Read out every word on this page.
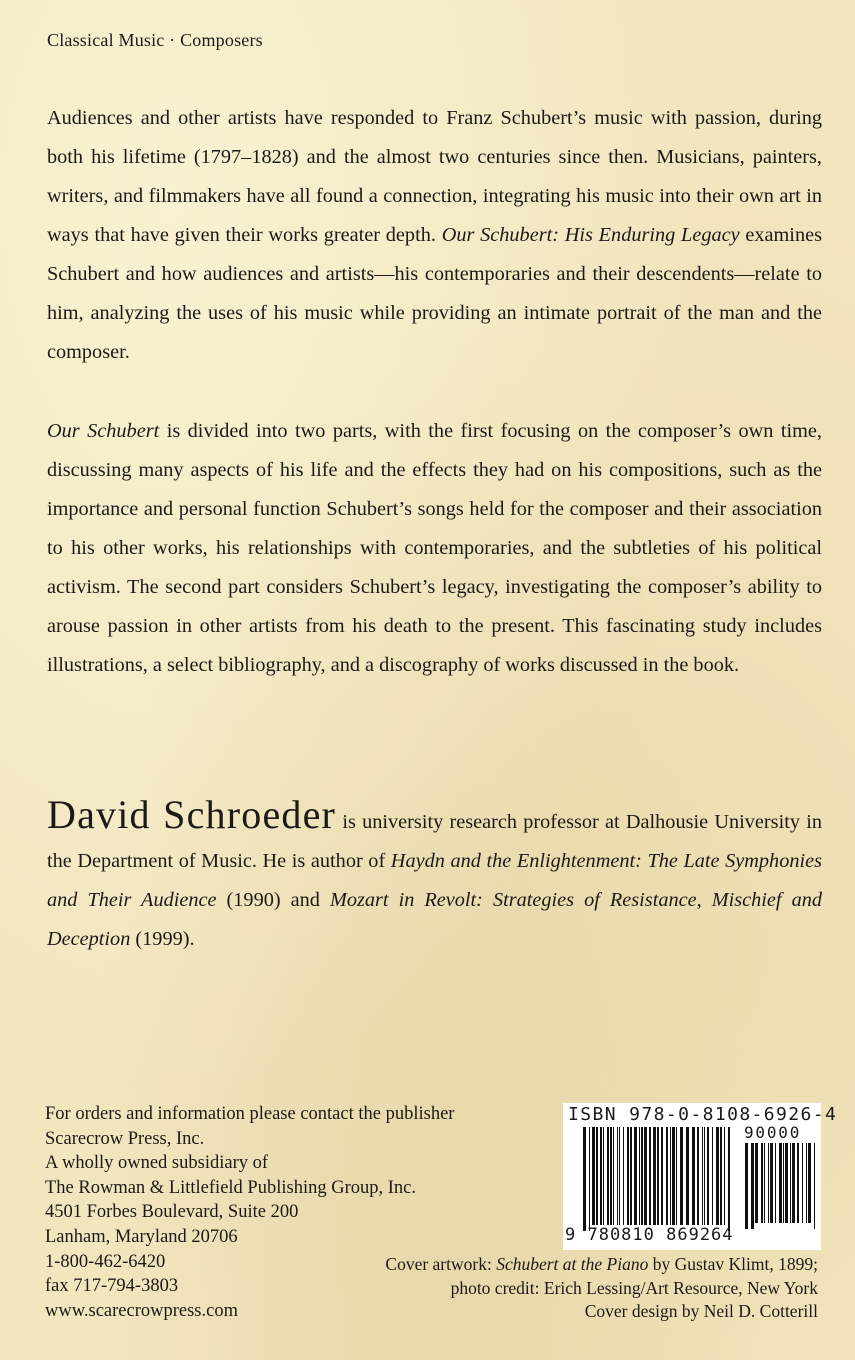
Classical Music · Composers

Audiences and other artists have responded to Franz Schubert’s music with passion, during both his lifetime (1797–1828) and the almost two centuries since then. Musicians, painters, writers, and filmmakers have all found a connection, integrating his music into their own art in ways that have given their works greater depth. Our Schubert: His Enduring Legacy examines Schubert and how audiences and artists—his contemporaries and their descendents—relate to him, analyzing the uses of his music while providing an intimate portrait of the man and the composer.

Our Schubert is divided into two parts, with the first focusing on the composer’s own time, discussing many aspects of his life and the effects they had on his compositions, such as the importance and personal function Schubert’s songs held for the composer and their association to his other works, his relationships with contemporaries, and the subtleties of his political activism. The second part considers Schubert’s legacy, investigating the composer’s ability to arouse passion in other artists from his death to the present. This fascinating study includes illustrations, a select bibliography, and a discography of works discussed in the book.

David Schroeder is university research professor at Dalhousie University in the Department of Music. He is author of Haydn and the Enlightenment: The Late Symphonies and Their Audience (1990) and Mozart in Revolt: Strategies of Resistance, Mischief and Deception (1999).

For orders and information please contact the publisher
Scarecrow Press, Inc.
A wholly owned subsidiary of
The Rowman & Littlefield Publishing Group, Inc.
4501 Forbes Boulevard, Suite 200
Lanham, Maryland 20706
1-800-462-6420
fax 717-794-3803
www.scarecrowpress.com
ISBN 978-0-8108-6926-4
90000
9 780810 869264
Cover artwork: Schubert at the Piano by Gustav Klimt, 1899;
photo credit: Erich Lessing/Art Resource, New York
Cover design by Neil D. Cotterill
